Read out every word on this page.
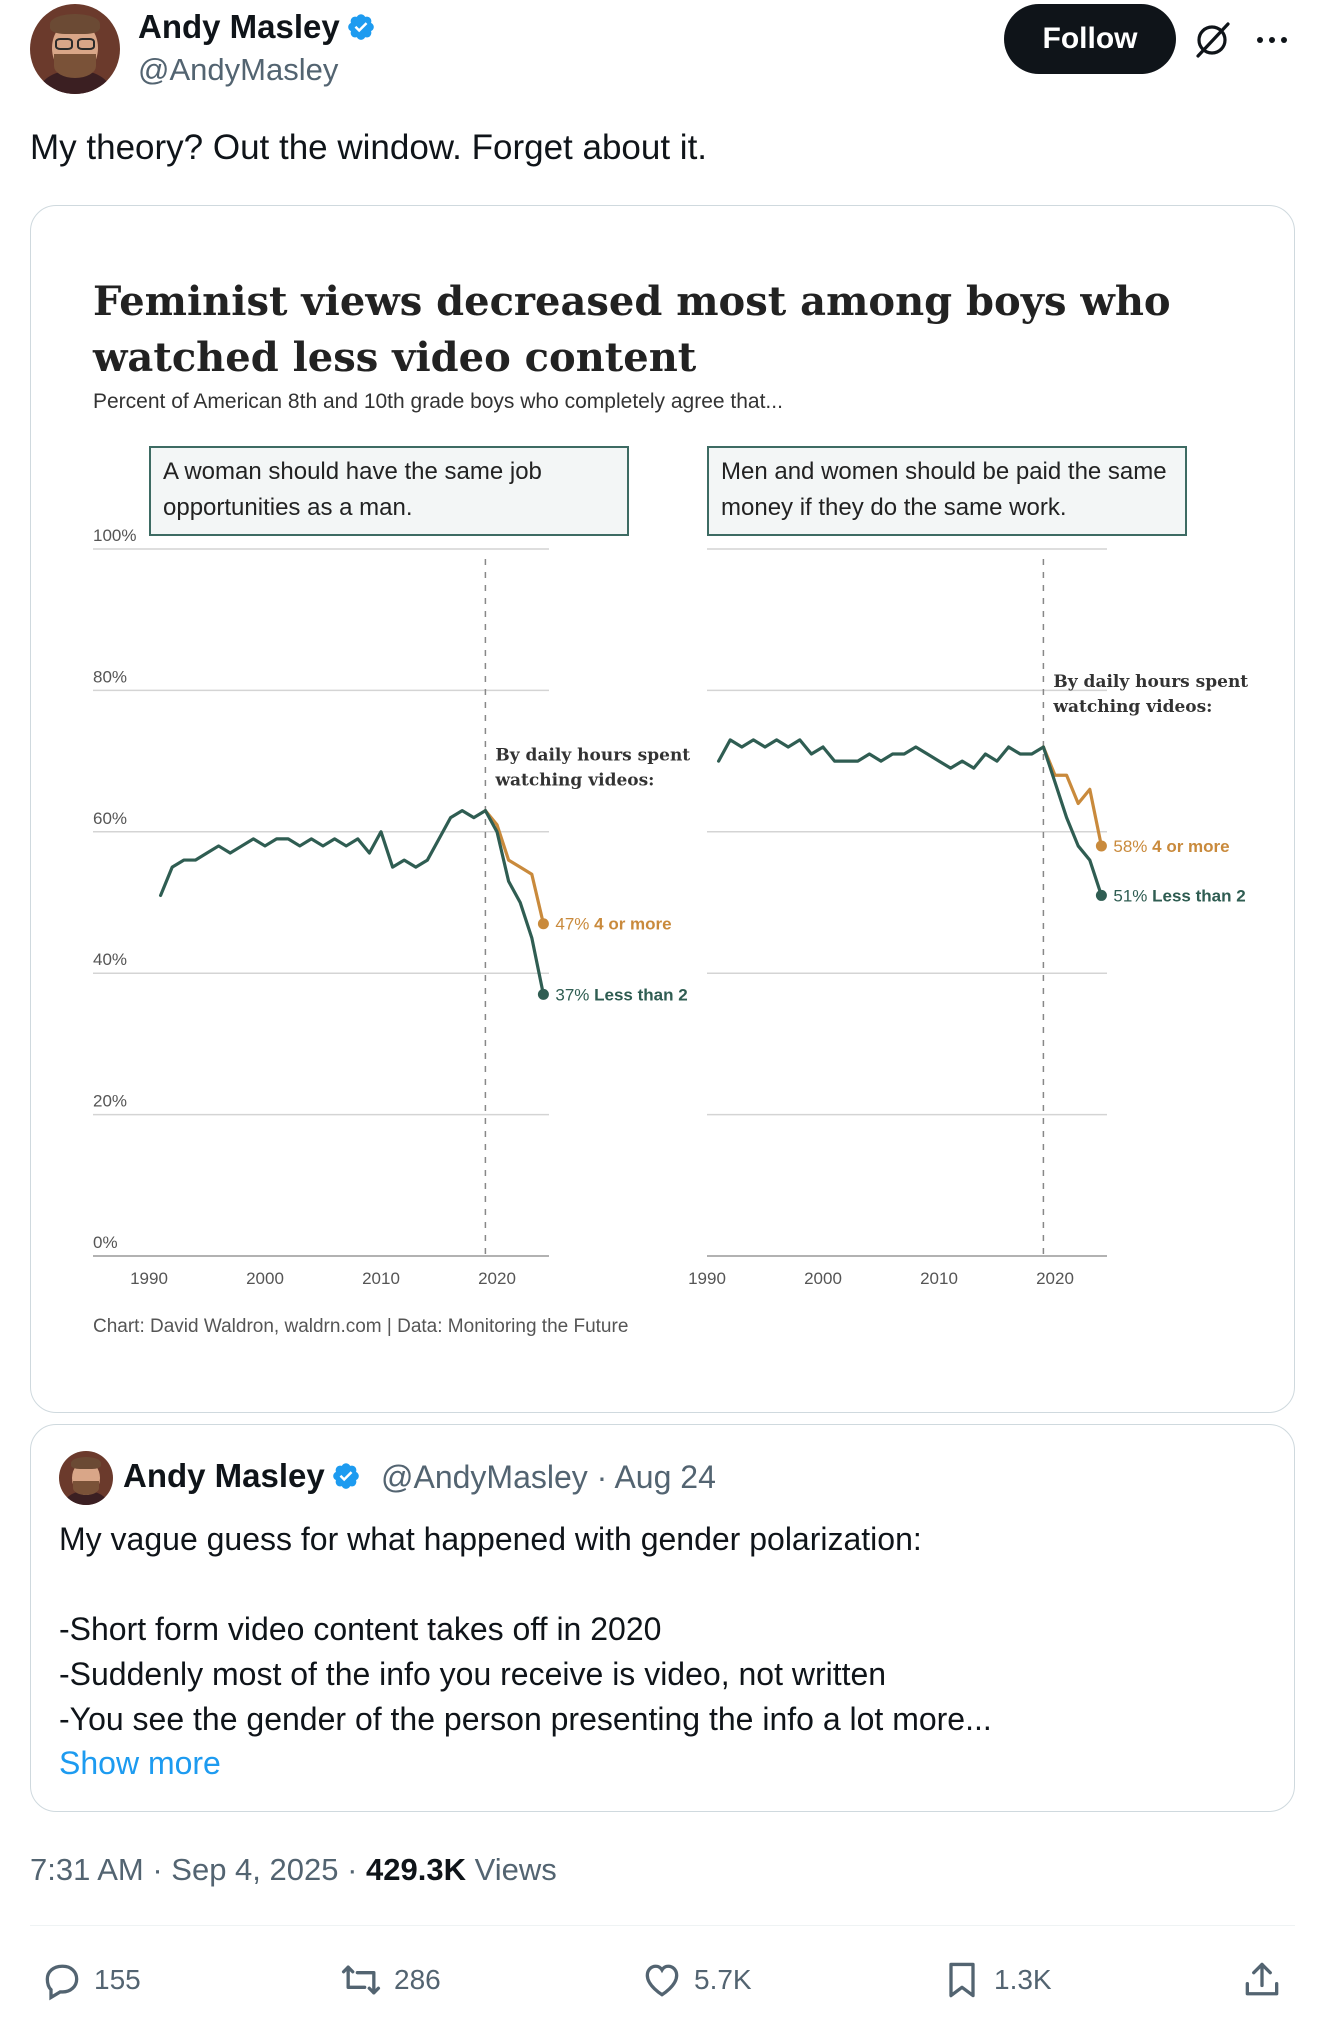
Andy Masley
@AndyMasley
Follow
My theory? Out the window. Forget about it.
Feminist views decreased most among boys who watched less video content
Percent of American 8th and 10th grade boys who completely agree that...
A woman should have the same job opportunities as a man.
Men and women should be paid the same money if they do the same work.
100%
80%
60%
40%
20%
0%
1990	2000	2010	2020
47% 4 or more
37% Less than 2
By daily hours spent
watching videos:
1990	2000	2010	2020
58% 4 or more
51% Less than 2
By daily hours spent
watching videos:
Chart: David Waldron, waldrn.com | Data: Monitoring the Future
Andy Masley	@AndyMasley · Aug 24
My vague guess for what happened with gender polarization:

-Short form video content takes off in 2020
-Suddenly most of the info you receive is video, not written
-You see the gender of the person presenting the info a lot more...
Show more
7:31 AM · Sep 4, 2025 · 429.3K Views
155	286	5.7K	1.3K
